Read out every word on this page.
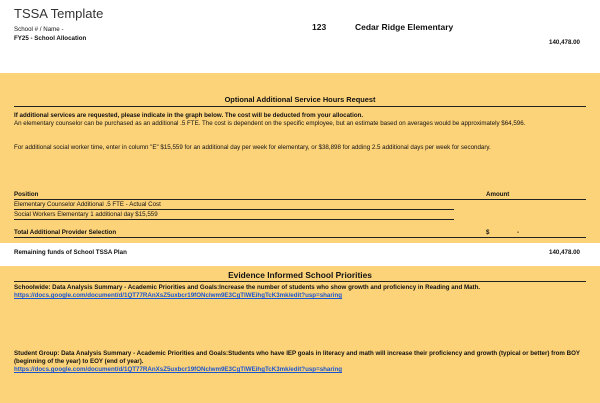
TSSA Template
School # / Name -
FY25 - School Allocation
123	Cedar Ridge Elementary
140,478.00
Optional Additional Service Hours Request
If additional services are requested, please indicate in the graph below. The cost will be deducted from your allocation.
An elementary counselor can be purchased as an additional .5 FTE. The cost is dependent on the specific employee, but an estimate based on averages would be approximately $64,596.
For additional social worker time, enter in column "E" $15,559 for an additional day per week for elementary, or $38,898 for adding 2.5 additional days per week for secondary.
Position	Amount
Elementary Counselor Additional .5 FTE - Actual Cost
Social Workers Elementary 1 additional day $15,559
Total Additional Provider Selection	$	-
Remaining funds of School TSSA Plan	140,478.00
Evidence Informed School Priorities
Schoolwide: Data Analysis Summary - Academic Priorities and Goals:Increase the number of students who show growth and proficiency in Reading and Math.
https://docs.google.com/document/d/1QT77RAnXsZ5uxbcr19fONclwm9E3CgTIWEihgTcK3mk/edit?usp=sharing
Student Group: Data Analysis Summary - Academic Priorities and Goals:Students who have IEP goals in literacy and math will increase their proficiency and growth (typical or better) from BOY (beginning of the year) to EOY (end of year).
https://docs.google.com/document/d/1QT77RAnXsZ5uxbcr19fONclwm9E3CgTIWEihgTcK3mk/edit?usp=sharing
